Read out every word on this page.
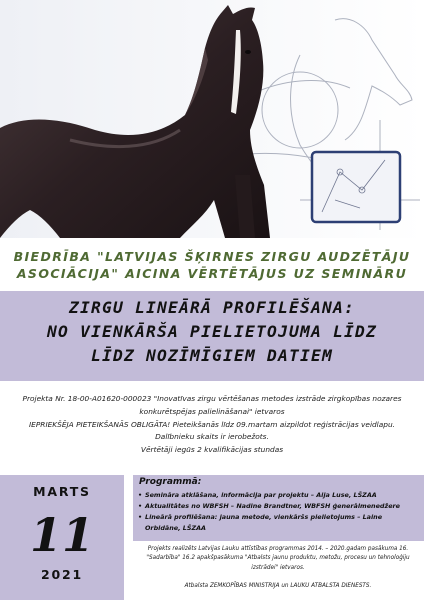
BIEDRĪBA "LATVIJAS ŠĶIRNES ZIRGU AUDZĒTĀJU
ASOCIĀCIJA" AICINA VĒRTĒTĀJUS UZ SEMINĀRU
ZIRGU LINEĀRĀ PROFILĒŠANA:
NO VIENKĀRŠA PIELIETOJUMA LĪDZ
LĪDZ NOZĪMĪGIEM DATIEM
Projekta Nr. 18-00-A01620-000023 "Inovatīvas zirgu vērtēšanas metodes izstrāde zirgkopības nozares
konkurētspējas palielināšanai" ietvaros
IEPRIEKŠĒJA PIETEIKŠANĀS OBLIGĀTA! Pieteikšanās līdz 09.martam aizpildot reģistrācijas veidlapu.
Dalībnieku skaits ir ierobežots.
Vērtētāji iegūs 2 kvalifikācijas stundas
MARTS
11
2021
Programmā:
• Semināra atklāšana, informācija par projektu – Aija Luse, LŠZAA
• Aktualitātes no WBFSH – Nadine Brandtner, WBFSH ģenerālmenedžere
• Lineārā profilēšana: jauna metode, vienkāršs pielietojums – Laine
Orbidāne, LŠZAA
Projekts realizēts Latvijas Lauku attīstības programmas 2014. – 2020.gadam pasākuma 16.
"Sadarbība" 16.2 apakšpasākuma "Atbalsts jaunu produktu, metožu, procesu un tehnoloģiju
izstrādei" ietvaros.
Atbalsta ZEMKOPĪBAS MINISTRIJA un LAUKU ATBALSTA DIENESTS.
